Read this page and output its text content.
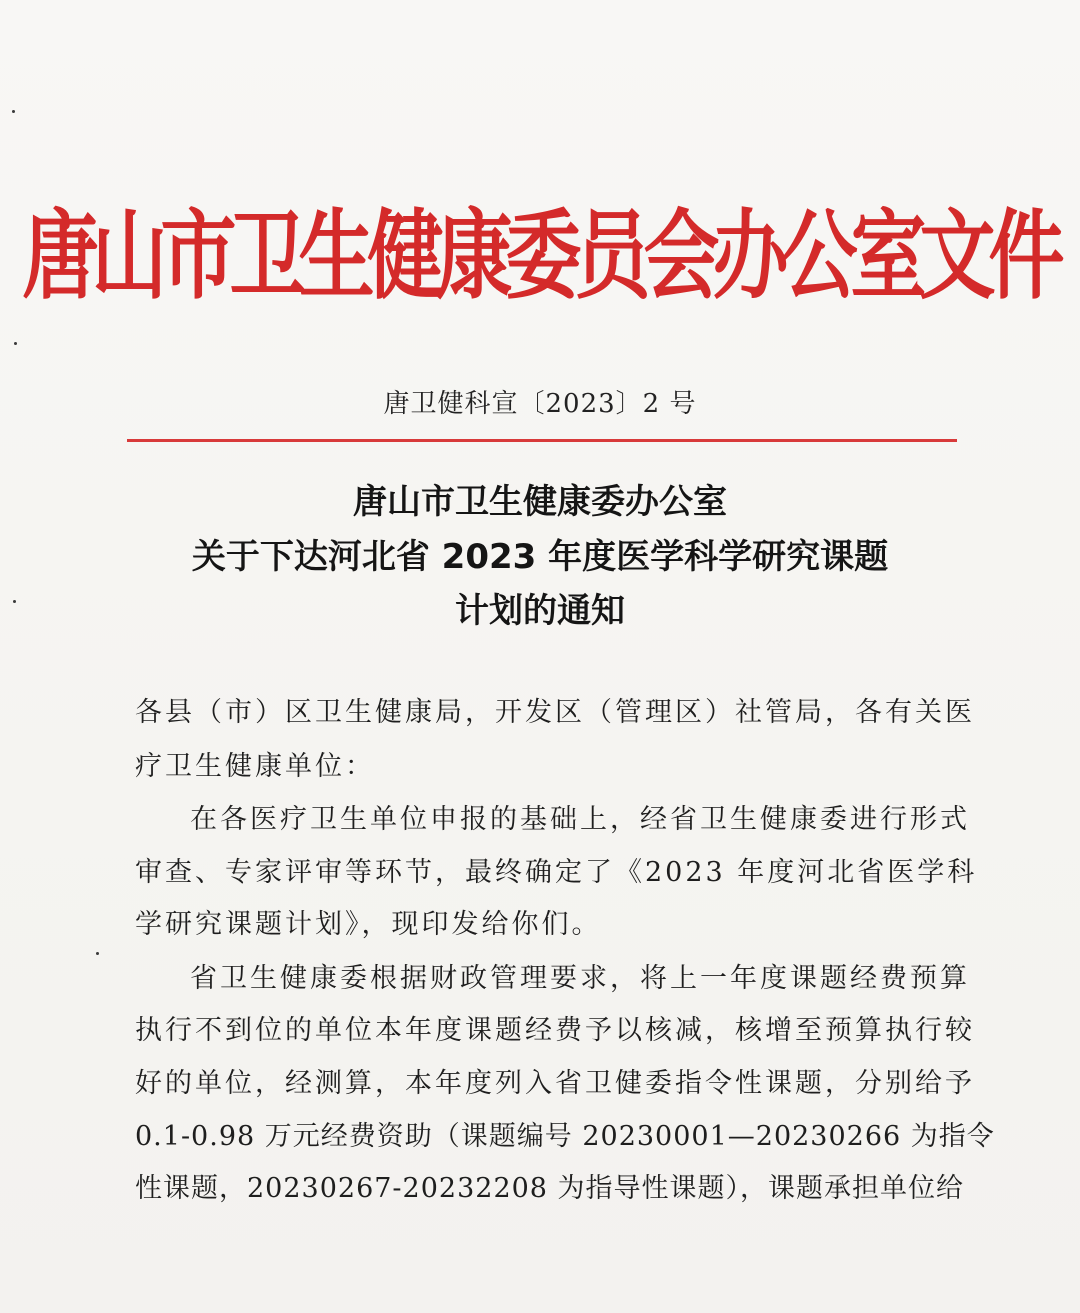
唐山市卫生健康委员会办公室文件
唐卫健科宣〔2023〕2 号
唐山市卫生健康委办公室
关于下达河北省 2023 年度医学科学研究课题
计划的通知
各县（市）区卫生健康局，开发区（管理区）社管局，各有关医
疗卫生健康单位：
在各医疗卫生单位申报的基础上，经省卫生健康委进行形式
审查、专家评审等环节，最终确定了《2023 年度河北省医学科
学研究课题计划》，现印发给你们。
省卫生健康委根据财政管理要求，将上一年度课题经费预算
执行不到位的单位本年度课题经费予以核减，核增至预算执行较
好的单位，经测算，本年度列入省卫健委指令性课题，分别给予
0.1-0.98 万元经费资助（课题编号 20230001—20230266 为指令
性课题，20230267-20232208 为指导性课题），课题承担单位给
